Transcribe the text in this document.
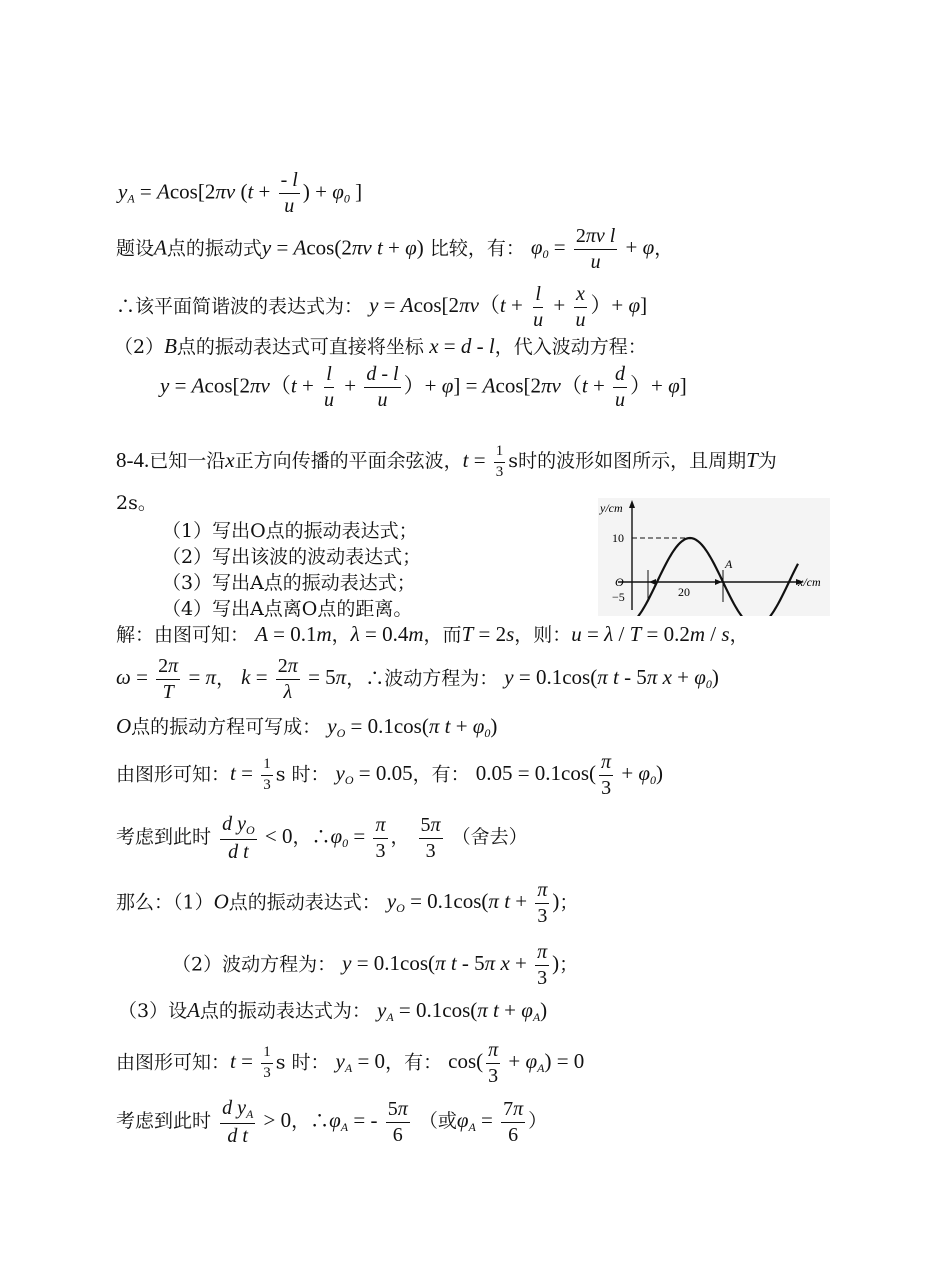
$y_A = Acos[2\pi\nu$ ($t + \frac{- l}{u}$ ) + $\varphi_0$ ]
题设A点的振动式y = Acos(2πν t + φ) 比较，有： $\varphi_0 = \frac{\text{2πν l}}{u} + \varphi$，
∴该平面简谐波的表达式为： $y = Acos[2\pi\nu(t + \frac{l}{u} + \frac{x}{u}$ ）+ φ]
（2）B点的振动表达式可直接将坐标 x = d - l，代入波动方程：
$y = Acos[2\pi\nu(t + \frac{l}{u} + \frac{d - l}{u}$ ）+ $\varphi] = Acos[2\pi\nu(t + \frac{d}{u}$ ）+ φ]
8-4.已知一沿x正方向传播的平面余弦波，$t = \frac{1}{3}$ s时的波形如图所示，且周期T为
2s。
（1）写出O点的振动表达式；
（2）写出该波的波动表达式；
（3）写出A点的振动表达式；
（4）写出A点离O点的距离。
y/cm
10
O
−5
A
20
x/cm
解：由图可知： A = 0.1m，λ = 0.4m，而T = 2s，则：u = λ / T = 0.2m / s，
$\omega = \frac{2\pi}{T} = \pi$， $k = \frac{2\pi}{\lambda} = 5\pi$，∴波动方程为： y = 0.1cos(π t - 5π $x + \varphi_0$)
O点的振动方程可写成： $y_O = 0.1\cos(\pi$ $t + \varphi_0$)
由图形可知：$t = \frac{1}{3}$ s 时： $y_O = 0.05$，有： $0.05 = 0.1\cos( \frac{\pi}{3} + \varphi_0)$
考虑到此时 $\frac{d y_O}{\text{d t}} < 0$，$\therefore\varphi_0 = \frac{\pi}{3}$ ， $\frac{5\pi}{3}$ （舍去）
那么：（1）O点的振动表达式： $y_O = 0.1\cos(\pi$ $t + \frac{\pi}{3}$ )；
（2）波动方程为： y = 0.1cos(π t - 5π $x + \frac{\pi}{3}$ )；
（3）设A点的振动表达式为： $y_A = 0.1\cos(\pi$ $t + \varphi_A$)
由图形可知：$t = \frac{1}{3}$ s 时： $y_A = 0$，有： $\cos( \frac{\pi}{3} + \varphi_A) = 0$
考虑到此时 $\frac{d y_A}{\text{d t}} > 0$，$\therefore\varphi_A$ = - $\frac{5\pi}{6}$ （或$\varphi_A = \frac{7\pi}{6}$ ）
